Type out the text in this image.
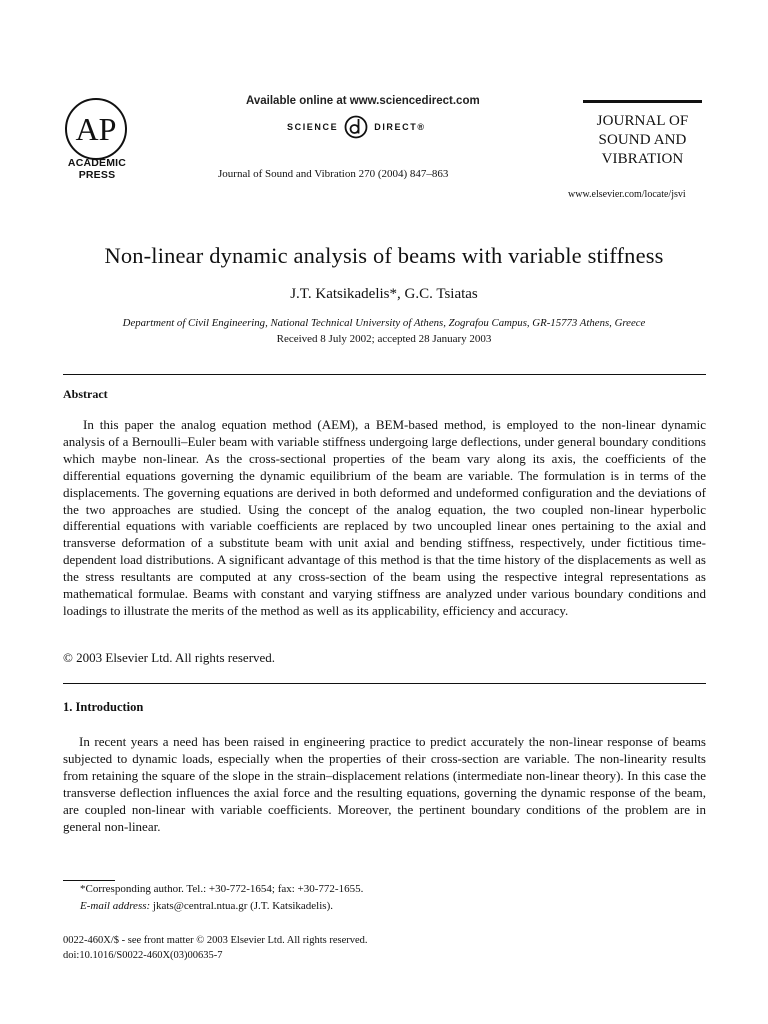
AP
ACADEMIC
PRESS
Available online at www.sciencedirect.com
SCIENCE	DIRECT®
Journal of Sound and Vibration 270 (2004) 847–863
JOURNAL OF
SOUND AND
VIBRATION
www.elsevier.com/locate/jsvi
Non-linear dynamic analysis of beams with variable stiffness
J.T. Katsikadelis*, G.C. Tsiatas
Department of Civil Engineering, National Technical University of Athens, Zografou Campus, GR-15773 Athens, Greece
Received 8 July 2002; accepted 28 January 2003
Abstract
In this paper the analog equation method (AEM), a BEM-based method, is employed to the non-linear dynamic analysis of a Bernoulli–Euler beam with variable stiffness undergoing large deflections, under general boundary conditions which maybe non-linear. As the cross-sectional properties of the beam vary along its axis, the coefficients of the differential equations governing the dynamic equilibrium of the beam are variable. The formulation is in terms of the displacements. The governing equations are derived in both deformed and undeformed configuration and the deviations of the two approaches are studied. Using the concept of the analog equation, the two coupled non-linear hyperbolic differential equations with variable coefficients are replaced by two uncoupled linear ones pertaining to the axial and transverse deformation of a substitute beam with unit axial and bending stiffness, respectively, under fictitious time-dependent load distributions. A significant advantage of this method is that the time history of the displacements as well as the stress resultants are computed at any cross-section of the beam using the respective integral representations as mathematical formulae. Beams with constant and varying stiffness are analyzed under various boundary conditions and loadings to illustrate the merits of the method as well as its applicability, efficiency and accuracy.
© 2003 Elsevier Ltd. All rights reserved.
1. Introduction
In recent years a need has been raised in engineering practice to predict accurately the non-linear response of beams subjected to dynamic loads, especially when the properties of their cross-section are variable. The non-linearity results from retaining the square of the slope in the strain–displacement relations (intermediate non-linear theory). In this case the transverse deflection influences the axial force and the resulting equations, governing the dynamic response of the beam, are coupled non-linear with variable coefficients. Moreover, the pertinent boundary conditions of the problem are in general non-linear.
*Corresponding author. Tel.: +30-772-1654; fax: +30-772-1655.
E-mail address: jkats@central.ntua.gr (J.T. Katsikadelis).
0022-460X/$ - see front matter © 2003 Elsevier Ltd. All rights reserved.
doi:10.1016/S0022-460X(03)00635-7
